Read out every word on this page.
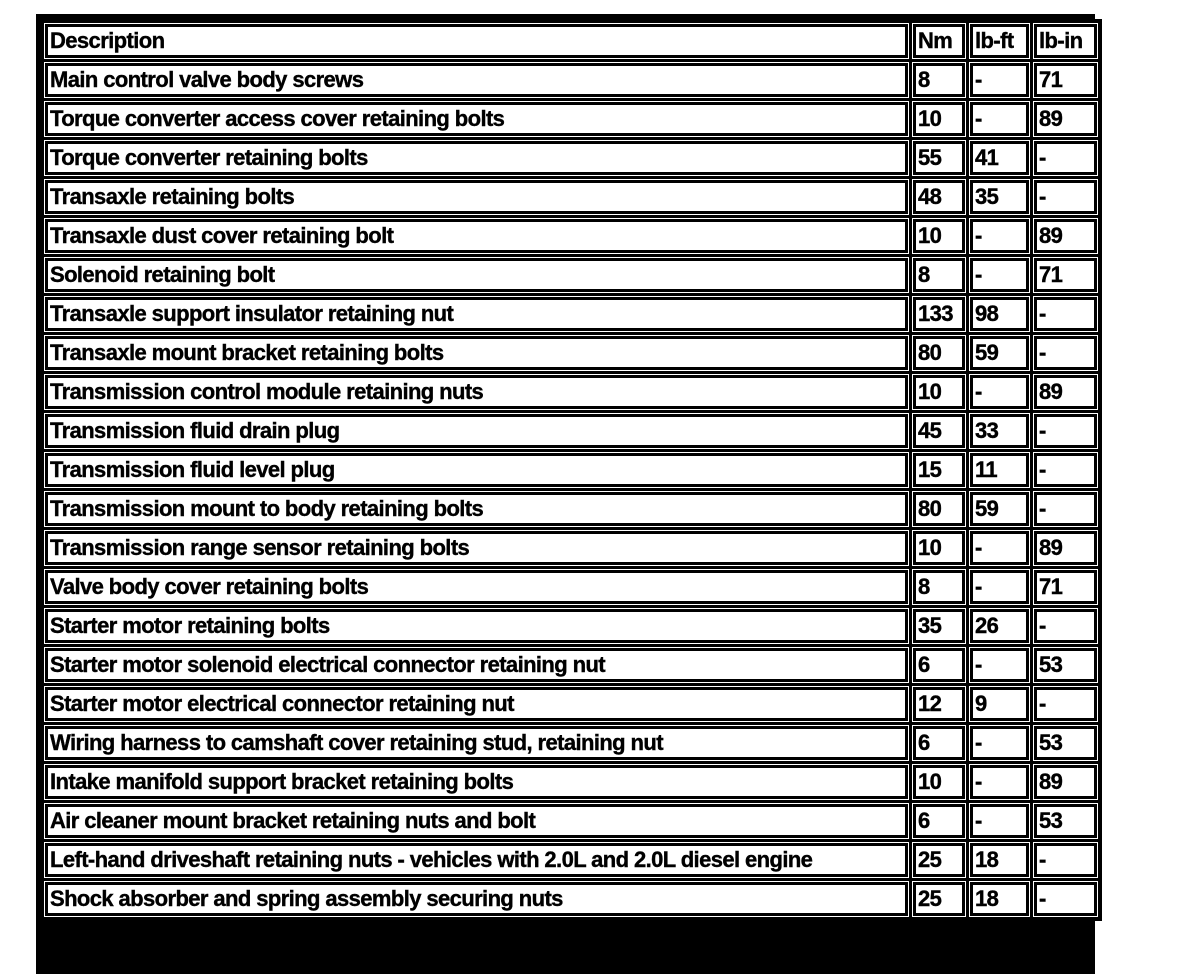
Description	Nm	lb-ft	lb-in
Main control valve body screws	8	-	71
Torque converter access cover retaining bolts	10	-	89
Torque converter retaining bolts	55	41	-
Transaxle retaining bolts	48	35	-
Transaxle dust cover retaining bolt	10	-	89
Solenoid retaining bolt	8	-	71
Transaxle support insulator retaining nut	133	98	-
Transaxle mount bracket retaining bolts	80	59	-
Transmission control module retaining nuts	10	-	89
Transmission fluid drain plug	45	33	-
Transmission fluid level plug	15	11	-
Transmission mount to body retaining bolts	80	59	-
Transmission range sensor retaining bolts	10	-	89
Valve body cover retaining bolts	8	-	71
Starter motor retaining bolts	35	26	-
Starter motor solenoid electrical connector retaining nut	6	-	53
Starter motor electrical connector retaining nut	12	9	-
Wiring harness to camshaft cover retaining stud, retaining nut	6	-	53
Intake manifold support bracket retaining bolts	10	-	89
Air cleaner mount bracket retaining nuts and bolt	6	-	53
Left-hand driveshaft retaining nuts - vehicles with 2.0L and 2.0L diesel engine	25	18	-
Shock absorber and spring assembly securing nuts	25	18	-
